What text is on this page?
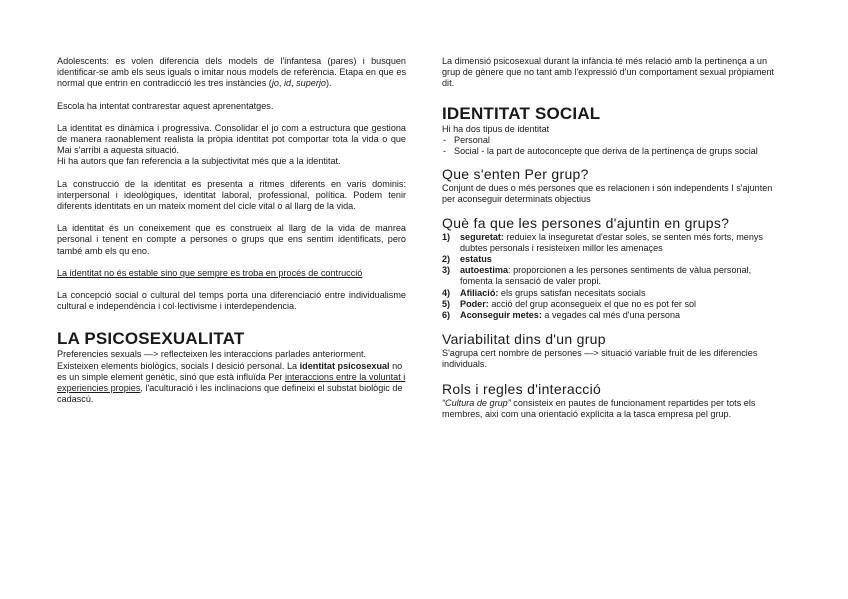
Adolescents: es volen diferencia dels models de l'infantesa (pares) i busquen identificar-se amb els seus iguals o imitar nous models de referència. Etapa en que es normal que entrin en contradicció les tres instàncies (jo, id, superjo).

Escola ha intentat contrarestar aquest aprenentatges.

La identitat es dinàmica i progressiva. Consolidar el jo com a estructura que gestiona de manera raonablement realista la pròpia identitat pot comportar tota la vida o que Mai s'arribi a aquesta situació.

Hi ha autors que fan referencia a la subjectivitat més que a la identitat.

La construcció de la identitat es presenta a ritmes diferents en varis dominis: interpersonal i ideològiques, identitat laboral, professional, política. Podem tenir diferents identitats en un mateix moment del cicle vital o al llarg de la vida.

La identitat és un coneixement que es construeix al llarg de la vida de manrea personal i tenent en compte a persones o grups que ens sentim identificats, pero també amb els qu eno.

La identitat no és estable sino que sempre es troba en procés de contrucció

La concepció social o cultural del temps porta una diferenciació entre individualisme cultural e independència i col·lectivisme i interdependencia.

LA PSICOSEXUALITAT

Preferencies sexuals —> reflecteixen les interaccions parlades anteriorment. Existeixen elements biològics, socials I desició personal. La identitat psicosexual no es un simple element genètic, sinó que està influïda Per interaccions entre la voluntat i experiencies propies, l'aculturació i les inclinacions que defineixi el substat biològic de cadascú.

La dimensió psicosexual durant la infància té més relació amb la pertinença a un grup de gènere que no tant amb l'expressió d'un comportament sexual pròpiament dit.

IDENTITAT SOCIAL

Hi ha dos tipus de identitat

- Personal
- Social - la part de autoconcepte que deriva de la pertinença de grups social
Que s'enten Per grup?

Conjunt de dues o més persones que es relacionen i són independents I s'ajunten per aconseguir determinats objectius

Què fa que les persones d'ajuntin en grups?
1) seguretat: reduiex la inseguretat d'estar soles, se senten més forts, menys dubtes personals i resisteixen millor les amenaçes
2) estatus
3) autoestima: proporcionen a les persones sentiments de vàlua personal, fomenta la sensació de valer propi.
4) Afiliació: els grups satisfan necesitats socials
5) Poder: acció del grup aconsegueix el que no es pot fer sol
6) Aconseguir metes: a vegades cal més d'una persona
Variabilitat dins d'un grup

S'agrupa cert nombre de persones —> situació variable fruit de les diferencies individuals.

Rols i regles d'interacció

“Cultura de grup” consisteix en pautes de funcionament repartides per tots els membres, aixi com una orientació explícita a la tasca empresa pel grup.
